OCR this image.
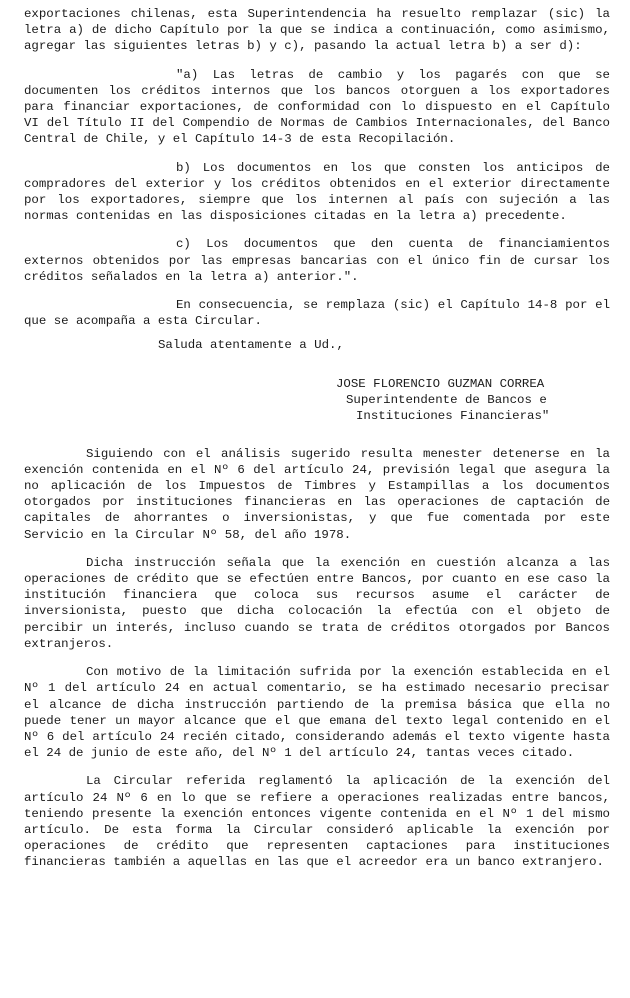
exportaciones chilenas, esta Superintendencia ha resuelto remplazar (sic) la letra a) de dicho Capítulo por la que se indica a continuación, como asimismo, agregar las siguientes letras b) y c), pasando la actual letra b) a ser d):

"a) Las letras de cambio y los pagarés con que se documenten los créditos internos que los bancos otorguen a los exportadores para financiar exportaciones, de conformidad con lo dispuesto en el Capítulo VI del Título II del Compendio de Normas de Cambios Internacionales, del Banco Central de Chile, y el Capítulo 14-3 de esta Recopilación.

b) Los documentos en los que consten los anticipos de compradores del exterior y los créditos obtenidos en el exterior directamente por los exportadores, siempre que los internen al país con sujeción a las normas contenidas en las disposiciones citadas en la letra a) precedente.

c) Los documentos que den cuenta de financiamientos externos obtenidos por las empresas bancarias con el único fin de cursar los créditos señalados en la letra a) anterior.".

En consecuencia, se remplaza (sic) el Capítulo 14-8 por el que se acompaña a esta Circular.

Saluda atentamente a Ud.,

JOSE FLORENCIO GUZMAN CORREA
Superintendente de Bancos e
Instituciones Financieras"

Siguiendo con el análisis sugerido resulta menester detenerse en la exención contenida en el Nº 6 del artículo 24, previsión legal que asegura la no aplicación de los Impuestos de Timbres y Estampillas a los documentos otorgados por instituciones financieras en las operaciones de captación de capitales de ahorrantes o inversionistas, y que fue comentada por este Servicio en la Circular Nº 58, del año 1978.

Dicha instrucción señala que la exención en cuestión alcanza a las operaciones de crédito que se efectúen entre Bancos, por cuanto en ese caso la institución financiera que coloca sus recursos asume el carácter de inversionista, puesto que dicha colocación la efectúa con el objeto de percibir un interés, incluso cuando se trata de créditos otorgados por Bancos extranjeros.

Con motivo de la limitación sufrida por la exención establecida en el Nº 1 del artículo 24 en actual comentario, se ha estimado necesario precisar el alcance de dicha instrucción partiendo de la premisa básica que ella no puede tener un mayor alcance que el que emana del texto legal contenido en el Nº 6 del artículo 24 recién citado, considerando además el texto vigente hasta el 24 de junio de este año, del Nº 1 del artículo 24, tantas veces citado.

La Circular referida reglamentó la aplicación de la exención del artículo 24 Nº 6 en lo que se refiere a operaciones realizadas entre bancos, teniendo presente la exención entonces vigente contenida en el Nº 1 del mismo artículo. De esta forma la Circular consideró aplicable la exención por operaciones de crédito que representen captaciones para instituciones financieras también a aquellas en las que el acreedor era un banco extranjero.
